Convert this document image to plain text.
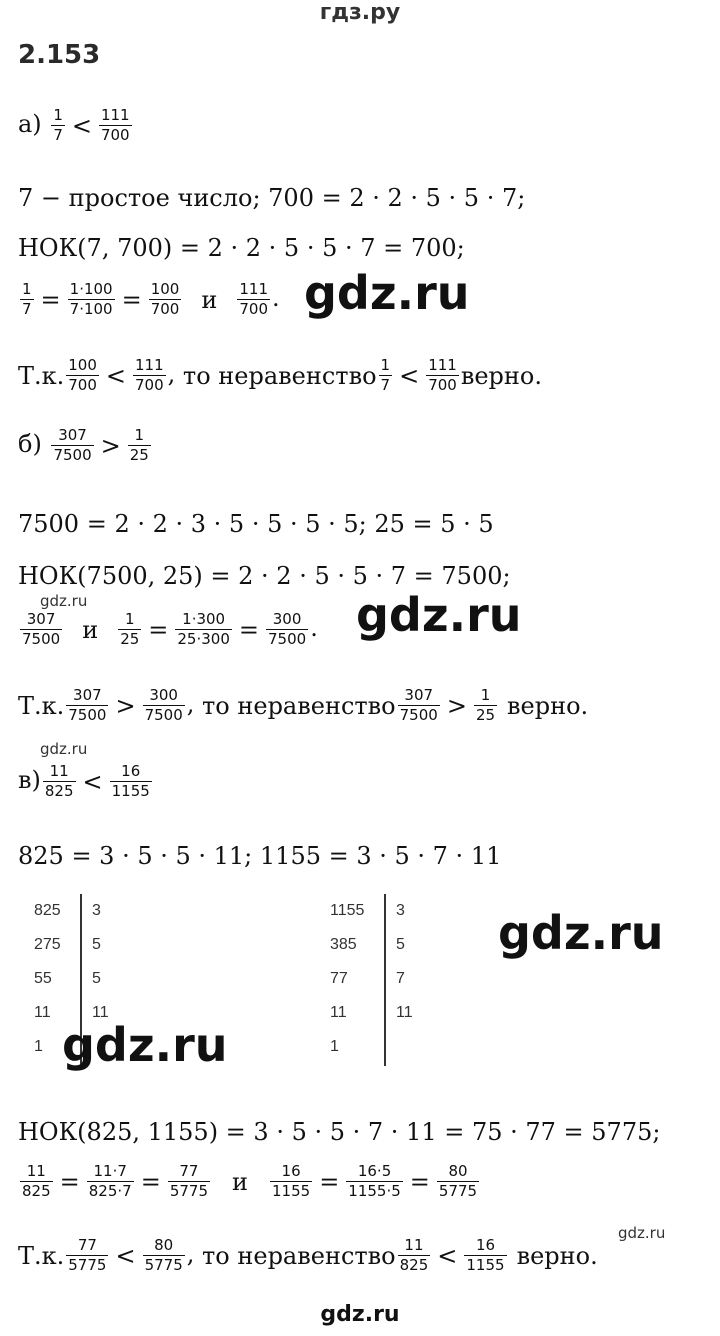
гдз.ру
2.153
$а) \frac{1}{7} < \frac{111}{700}$
7 − простое число; 700 = 2 · 2 · 5 · 5 · 7;
НОК(7, 700) = 2 · 2 · 5 · 5 · 7 = 700;
$\frac{1}{7} = \frac{1\cdot 100}{7\cdot 100} = \frac{100}{700}$ и $\frac{111}{700}$ .
Т.к. $\frac{100}{700} < \frac{111}{700}$ , то неравенство $\frac{1}{7} < \frac{111}{700}$ верно.
$б) \frac{307}{7500} > \frac{1}{25}$
7500 = 2 · 2 · 3 · 5 · 5 · 5 · 5; 25 = 5 · 5
НОК(7500, 25) = 2 · 2 · 5 · 5 · 7 = 7500;
$\frac{307}{7500}$ и $\frac{1}{25} = \frac{1\cdot 300}{25\cdot 300} = \frac{300}{7500}$ .
Т.к. $\frac{307}{7500} > \frac{300}{7500}$ , то неравенство $\frac{307}{7500} > \frac{1}{25}$ верно.
$в) \frac{11}{825} < \frac{16}{1155}$
825 = 3 · 5 · 5 · 11; 1155 = 3 · 5 · 7 · 11
825
275
55
11
1
3
5
5
11
1155
385
77
11
1
3
5
7
11
НОК(825, 1155) = 3 · 5 · 5 · 7 · 11 = 75 · 77 = 5775;
$\frac{11}{825} = \frac{11\cdot 7}{825\cdot 7} = \frac{77}{5775}$ и $\frac{16}{1155} = \frac{16\cdot 5}{1155\cdot 5} = \frac{80}{5775}$
Т.к. $\frac{77}{5775} < \frac{80}{5775}$ , то неравенство $\frac{11}{825} < \frac{16}{1155}$ верно.
gdz.ru
gdz.ru	gdz.ru
gdz.ru
gdz.ru
gdz.ru
gdz.ru
gdz.ru
